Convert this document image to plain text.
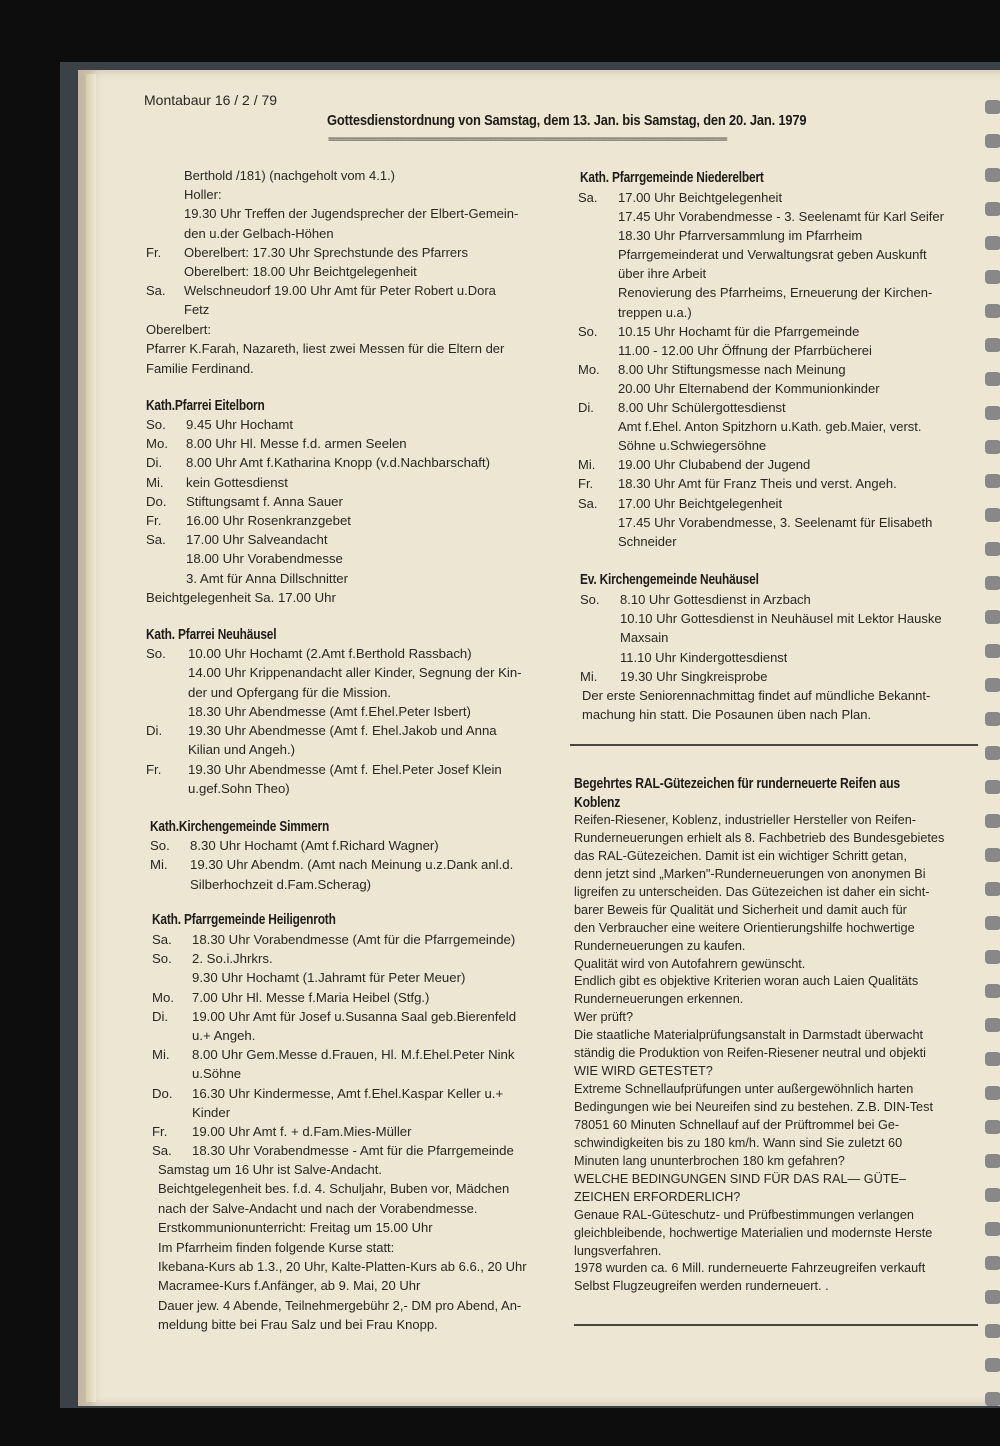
Montabaur 16 / 2 / 79
Gottesdienstordnung von Samstag, dem 13. Jan. bis Samstag, den 20. Jan. 1979
=================================================================================
Berthold /181) (nachgeholt vom 4.1.)
Holler:
19.30 Uhr Treffen der Jugendsprecher der Elbert-Gemein-
den u.der Gelbach-Höhen
Fr. Oberelbert: 17.30 Uhr Sprechstunde des Pfarrers
Oberelbert: 18.00 Uhr Beichtgelegenheit
Sa. Welschneudorf 19.00 Uhr Amt für Peter Robert u.Dora
Fetz
Oberelbert:
Pfarrer K.Farah, Nazareth, liest zwei Messen für die Eltern der
Familie Ferdinand.
Kath.Pfarrei Eitelborn
So. 9.45 Uhr Hochamt
Mo. 8.00 Uhr Hl. Messe f.d. armen Seelen
Di. 8.00 Uhr Amt f.Katharina Knopp (v.d.Nachbarschaft)
Mi. kein Gottesdienst
Do. Stiftungsamt f. Anna Sauer
Fr. 16.00 Uhr Rosenkranzgebet
Sa. 17.00 Uhr Salveandacht
18.00 Uhr Vorabendmesse
3. Amt für Anna Dillschnitter
Beichtgelegenheit Sa. 17.00 Uhr
Kath. Pfarrei Neuhäusel
So. 10.00 Uhr Hochamt (2.Amt f.Berthold Rassbach)
14.00 Uhr Krippenandacht aller Kinder, Segnung der Kin-
der und Opfergang für die Mission.
18.30 Uhr Abendmesse (Amt f.Ehel.Peter Isbert)
Di. 19.30 Uhr Abendmesse (Amt f. Ehel.Jakob und Anna
Kilian und Angeh.)
Fr. 19.30 Uhr Abendmesse (Amt f. Ehel.Peter Josef Klein
u.gef.Sohn Theo)
Kath.Kirchengemeinde Simmern
So. 8.30 Uhr Hochamt (Amt f.Richard Wagner)
Mi. 19.30 Uhr Abendm. (Amt nach Meinung u.z.Dank anl.d.
Silberhochzeit d.Fam.Scherag)
Kath. Pfarrgemeinde Heiligenroth
Sa. 18.30 Uhr Vorabendmesse (Amt für die Pfarrgemeinde)
So. 2. So.i.Jhrkrs.
9.30 Uhr Hochamt (1.Jahramt für Peter Meuer)
Mo. 7.00 Uhr Hl. Messe f.Maria Heibel (Stfg.)
Di. 19.00 Uhr Amt für Josef u.Susanna Saal geb.Bierenfeld
u.+ Angeh.
Mi. 8.00 Uhr Gem.Messe d.Frauen, Hl. M.f.Ehel.Peter Nink
u.Söhne
Do. 16.30 Uhr Kindermesse, Amt f.Ehel.Kaspar Keller u.+
Kinder
Fr. 19.00 Uhr Amt f. + d.Fam.Mies-Müller
Sa. 18.30 Uhr Vorabendmesse - Amt für die Pfarrgemeinde
Samstag um 16 Uhr ist Salve-Andacht.
Beichtgelegenheit bes. f.d. 4. Schuljahr, Buben vor, Mädchen
nach der Salve-Andacht und nach der Vorabendmesse.
Erstkommunionunterricht: Freitag um 15.00 Uhr
Im Pfarrheim finden folgende Kurse statt:
Ikebana-Kurs ab 1.3., 20 Uhr, Kalte-Platten-Kurs ab 6.6., 20 Uhr
Macramee-Kurs f.Anfänger, ab 9. Mai, 20 Uhr
Dauer jew. 4 Abende, Teilnehmergebühr 2,- DM pro Abend, An-
meldung bitte bei Frau Salz und bei Frau Knopp.
Kath. Pfarrgemeinde Niederelbert
Sa. 17.00 Uhr Beichtgelegenheit
17.45 Uhr Vorabendmesse - 3. Seelenamt für Karl Seifer
18.30 Uhr Pfarrversammlung im Pfarrheim
Pfarrgemeinderat und Verwaltungsrat geben Auskunft
über ihre Arbeit
Renovierung des Pfarrheims, Erneuerung der Kirchen-
treppen u.a.)
So. 10.15 Uhr Hochamt für die Pfarrgemeinde
11.00 - 12.00 Uhr Öffnung der Pfarrbücherei
Mo. 8.00 Uhr Stiftungsmesse nach Meinung
20.00 Uhr Elternabend der Kommunionkinder
Di. 8.00 Uhr Schülergottesdienst
Amt f.Ehel. Anton Spitzhorn u.Kath. geb.Maier, verst.
Söhne u.Schwiegersöhne
Mi. 19.00 Uhr Clubabend der Jugend
Fr. 18.30 Uhr Amt für Franz Theis und verst. Angeh.
Sa. 17.00 Uhr Beichtgelegenheit
17.45 Uhr Vorabendmesse, 3. Seelenamt für Elisabeth
Schneider
Ev. Kirchengemeinde Neuhäusel
So. 8.10 Uhr Gottesdienst in Arzbach
10.10 Uhr Gottesdienst in Neuhäusel mit Lektor Hauske
Maxsain
11.10 Uhr Kindergottesdienst
Mi. 19.30 Uhr Singkreisprobe
Der erste Seniorennachmittag findet auf mündliche Bekannt-
machung hin statt. Die Posaunen üben nach Plan.
Begehrtes RAL-Gütezeichen für runderneuerte Reifen aus
Koblenz
Reifen-Riesener, Koblenz, industrieller Hersteller von Reifen-
Runderneuerungen erhielt als 8. Fachbetrieb des Bundesgebietes
das RAL-Gütezeichen. Damit ist ein wichtiger Schritt getan,
denn jetzt sind „Marken"-Runderneuerungen von anonymen Bi
ligreifen zu unterscheiden. Das Gütezeichen ist daher ein sicht-
barer Beweis für Qualität und Sicherheit und damit auch für
den Verbraucher eine weitere Orientierungshilfe hochwertige
Runderneuerungen zu kaufen.
Qualität wird von Autofahrern gewünscht.
Endlich gibt es objektive Kriterien woran auch Laien Qualitäts
Runderneuerungen erkennen.
Wer prüft?
Die staatliche Materialprüfungsanstalt in Darmstadt überwacht
ständig die Produktion von Reifen-Riesener neutral und objekti
WIE WIRD GETESTET?
Extreme Schnellaufprüfungen unter außergewöhnlich harten
Bedingungen wie bei Neureifen sind zu bestehen. Z.B. DIN-Test
78051 60 Minuten Schnellauf auf der Prüftrommel bei Ge-
schwindigkeiten bis zu 180 km/h. Wann sind Sie zuletzt 60
Minuten lang ununterbrochen 180 km gefahren?
WELCHE BEDINGUNGEN SIND FÜR DAS RAL— GÜTE–
ZEICHEN ERFORDERLICH?
Genaue RAL-Güteschutz- und Prüfbestimmungen verlangen
gleichbleibende, hochwertige Materialien und modernste Herste
lungsverfahren.
1978 wurden ca. 6 Mill. runderneuerte Fahrzeugreifen verkauft
Selbst Flugzeugreifen werden runderneuert. .
